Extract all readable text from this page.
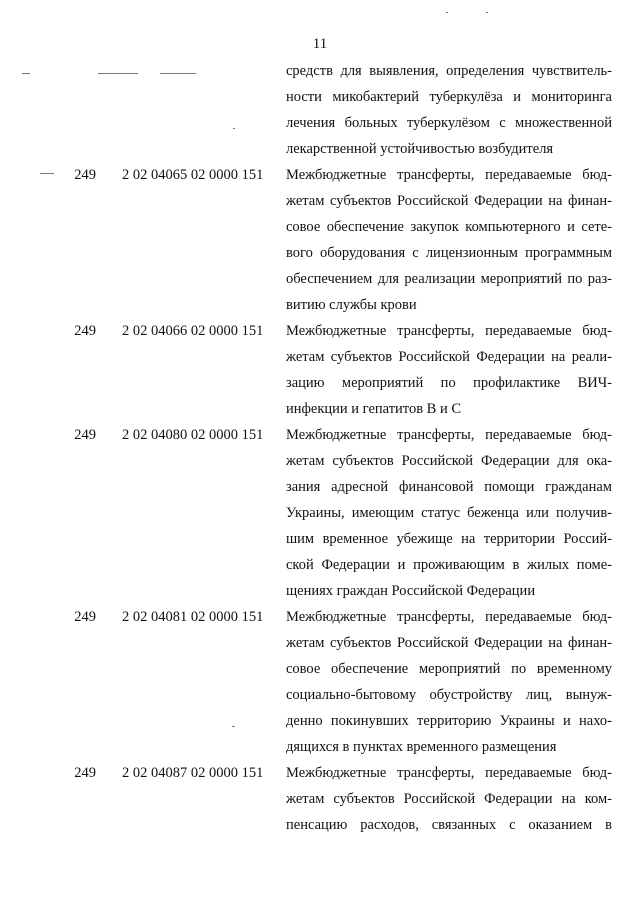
11
средств для выявления, определения чувствитель-
ности микобактерий туберкулёза и мониторинга
лечения больных туберкулёзом с множественной
лекарственной устойчивостью возбудителя
249	2 02 04065 02 0000 151	Межбюджетные трансферты, передаваемые бюд-
жетам субъектов Российской Федерации на финан-
совое обеспечение закупок компьютерного и сете-
вого оборудования с лицензионным программным
обеспечением для реализации мероприятий по раз-
витию службы крови
249	2 02 04066 02 0000 151	Межбюджетные трансферты, передаваемые бюд-
жетам субъектов Российской Федерации на реали-
зацию мероприятий по профилактике ВИЧ-
инфекции и гепатитов В и С
249	2 02 04080 02 0000 151	Межбюджетные трансферты, передаваемые бюд-
жетам субъектов Российской Федерации для ока-
зания адресной финансовой помощи гражданам
Украины, имеющим статус беженца или получив-
шим временное убежище на территории Россий-
ской Федерации и проживающим в жилых поме-
щениях граждан Российской Федерации
249	2 02 04081 02 0000 151	Межбюджетные трансферты, передаваемые бюд-
жетам субъектов Российской Федерации на финан-
совое обеспечение мероприятий по временному
социально-бытовому обустройству лиц, вынуж-
денно покинувших территорию Украины и нахо-
дящихся в пунктах временного размещения
249	2 02 04087 02 0000 151	Межбюджетные трансферты, передаваемые бюд-
жетам субъектов Российской Федерации на ком-
пенсацию расходов, связанных с оказанием в
